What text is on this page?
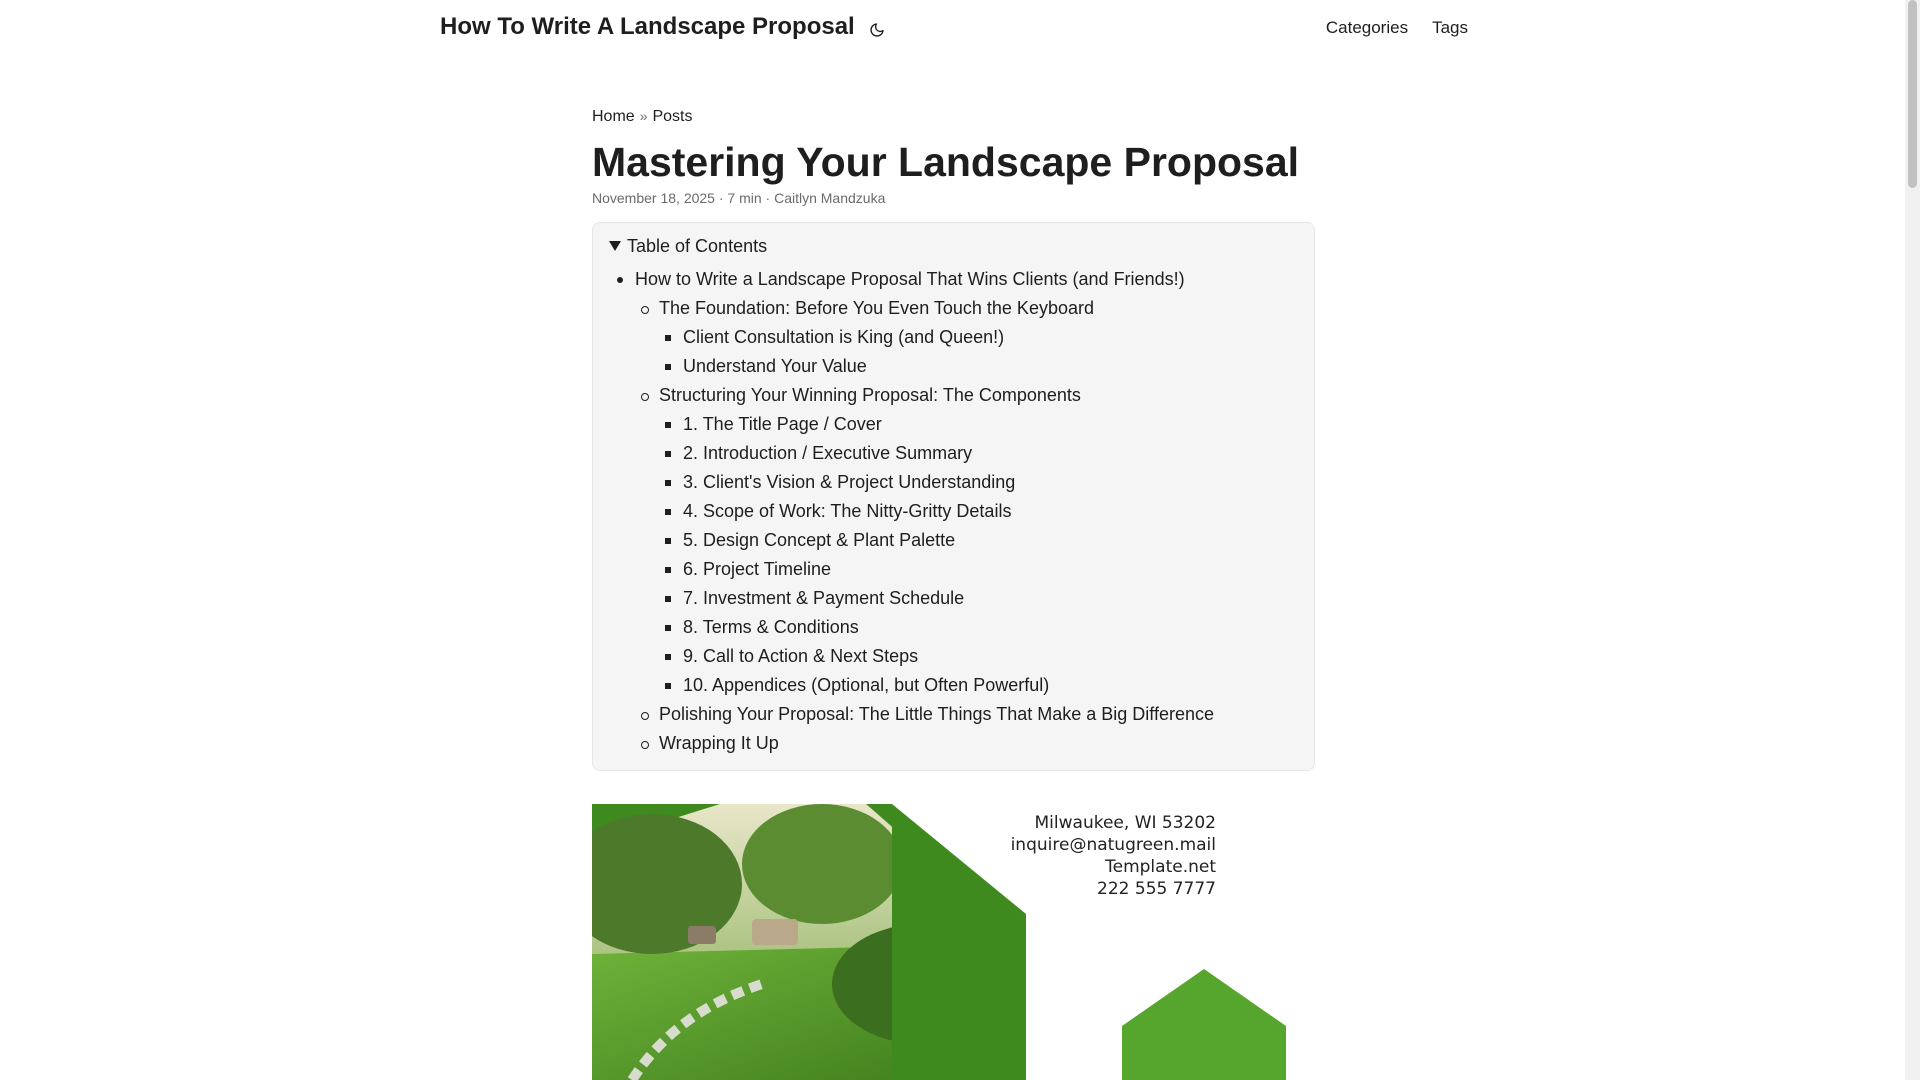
How To Write A Landscape Proposal	Categories Tags
Home » Posts
Mastering Your Landscape Proposal
November 18, 2025 · 7 min · Caitlyn Mandzuka
Table of Contents
How to Write a Landscape Proposal That Wins Clients (and Friends!)
The Foundation: Before You Even Touch the Keyboard
Client Consultation is King (and Queen!)
Understand Your Value
Structuring Your Winning Proposal: The Components
1. The Title Page / Cover
2. Introduction / Executive Summary
3. Client's Vision & Project Understanding
4. Scope of Work: The Nitty-Gritty Details
5. Design Concept & Plant Palette
6. Project Timeline
7. Investment & Payment Schedule
8. Terms & Conditions
9. Call to Action & Next Steps
10. Appendices (Optional, but Often Powerful)
Polishing Your Proposal: The Little Things That Make a Big Difference
Wrapping It Up
Milwaukee, WI 53202
inquire@natugreen.mail
Template.net
222 555 7777
